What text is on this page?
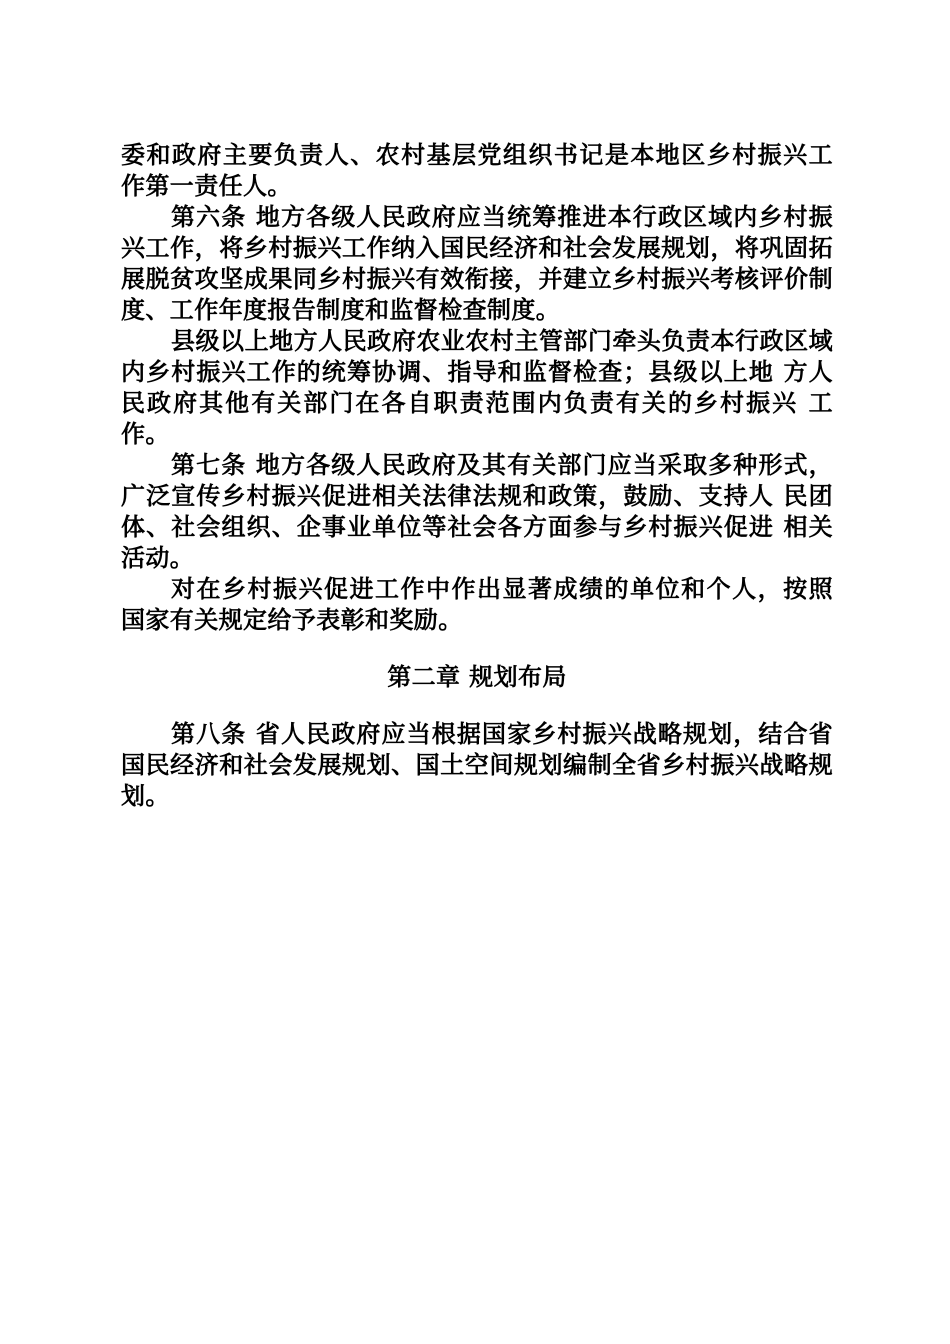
委和政府主要负责人、农村基层党组织书记是本地区乡村振兴工 作第一责任人。

第六条 地方各级人民政府应当统筹推进本行政区域内乡村振兴工作，将乡村振兴工作纳入国民经济和社会发展规划，将巩固拓展脱贫攻坚成果同乡村振兴有效衔接，并建立乡村振兴考核评价制度、工作年度报告制度和监督检查制度。

县级以上地方人民政府农业农村主管部门牵头负责本行政区域内乡村振兴工作的统筹协调、指导和监督检查；县级以上地 方人民政府其他有关部门在各自职责范围内负责有关的乡村振兴 工作。

第七条 地方各级人民政府及其有关部门应当采取多种形式，广泛宣传乡村振兴促进相关法律法规和政策，鼓励、支持人 民团体、社会组织、企事业单位等社会各方面参与乡村振兴促进 相关活动。

对在乡村振兴促进工作中作出显著成绩的单位和个人，按照 国家有关规定给予表彰和奖励。

第二章 规划布局

第八条 省人民政府应当根据国家乡村振兴战略规划，结合省国民经济和社会发展规划、国土空间规划编制全省乡村振兴战略规划。
